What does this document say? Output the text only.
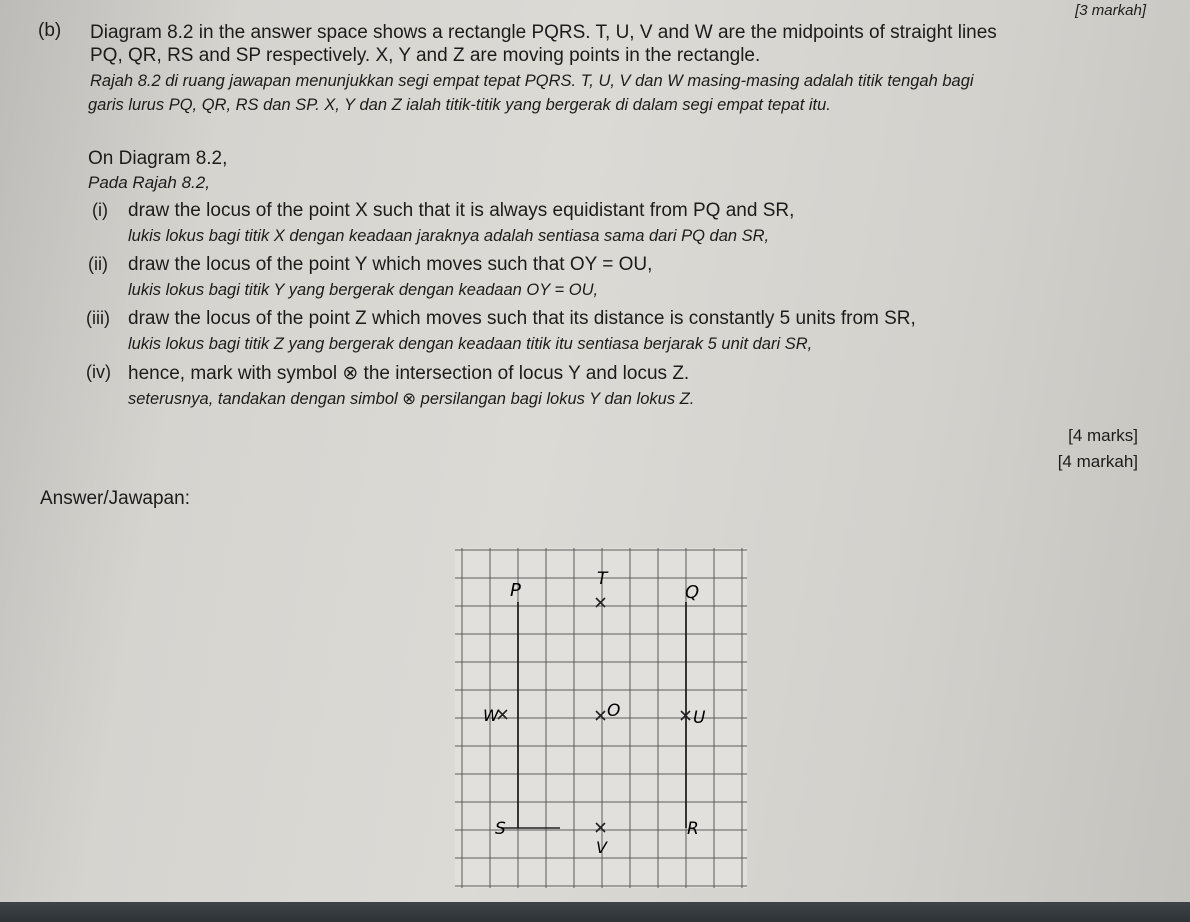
[3 markah]
(b) Diagram 8.2 in the answer space shows a rectangle PQRS. T, U, V and W are the midpoints of straight lines
PQ, QR, RS and SP respectively. X, Y and Z are moving points in the rectangle.
Rajah 8.2 di ruang jawapan menunjukkan segi empat tepat PQRS. T, U, V dan W masing-masing adalah titik tengah bagi
garis lurus PQ, QR, RS dan SP. X, Y dan Z ialah titik-titik yang bergerak di dalam segi empat tepat itu.
On Diagram 8.2,
Pada Rajah 8.2,
(i) draw the locus of the point X such that it is always equidistant from PQ and SR,
lukis lokus bagi titik X dengan keadaan jaraknya adalah sentiasa sama dari PQ dan SR,
(ii) draw the locus of the point Y which moves such that OY = OU,
lukis lokus bagi titik Y yang bergerak dengan keadaan OY = OU,
(iii) draw the locus of the point Z which moves such that its distance is constantly 5 units from SR,
lukis lokus bagi titik Z yang bergerak dengan keadaan titik itu sentiasa berjarak 5 unit dari SR,
(iv) hence, mark with symbol ⊗ the intersection of locus Y and locus Z.
seterusnya, tandakan dengan simbol ⊗ persilangan bagi lokus Y dan lokus Z.
[4 marks]
[4 markah]
Answer/Jawapan:
P
T
Q
W	O	U
S	R
V
